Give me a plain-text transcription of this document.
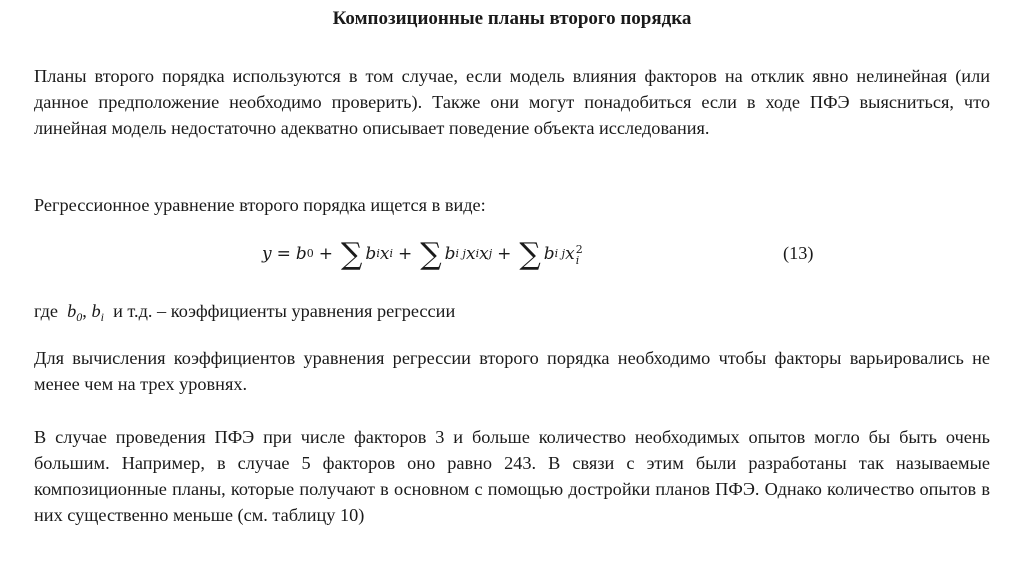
Композиционные планы второго порядка
Планы второго порядка используются в том случае, если модель влияния факторов на отклик явно нелинейная (или данное предположение необходимо проверить). Также они могут понадобиться если в ходе ПФЭ выясниться, что линейная модель недостаточно адекватно описывает поведение объекта исследования.
Регрессионное уравнение второго порядка ищется в виде:
y = b 0 + ∑ b i x i + ∑ b i j x i x j + ∑ b i j x 2
i	(13)
где $b_0$, $b_i$ и т.д. – коэффициенты уравнения регрессии
Для вычисления коэффициентов уравнения регрессии второго порядка необходимо чтобы факторы варьировались не менее чем на трех уровнях.
В случае проведения ПФЭ при числе факторов 3 и больше количество необходимых опытов могло бы быть очень большим. Например, в случае 5 факторов оно равно 243. В связи с этим были разработаны так называемые композиционные планы, которые получают в основном с помощью достройки планов ПФЭ. Однако количество опытов в них существенно меньше (см. таблицу 10)
